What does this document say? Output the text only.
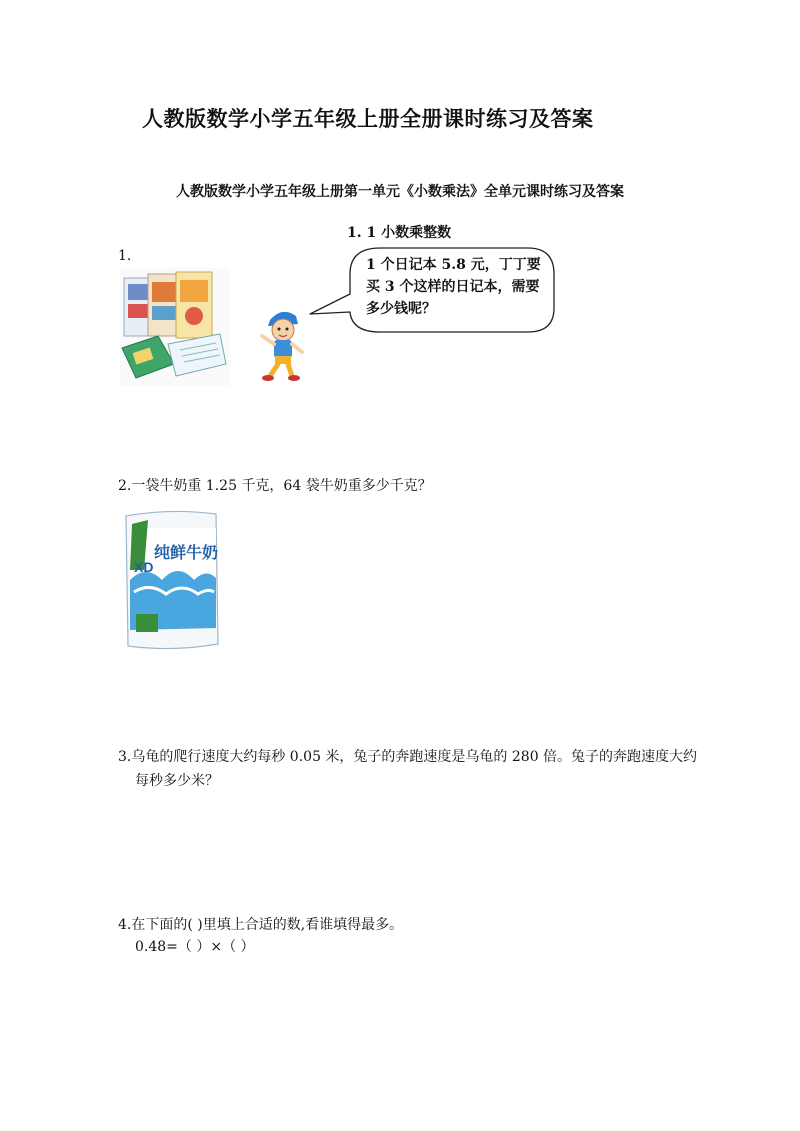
人教版数学小学五年级上册全册课时练习及答案
人教版数学小学五年级上册第一单元《小数乘法》全单元课时练习及答案
1. 1 小数乘整数
1.
1 个日记本 5.8 元，丁丁要买 3 个这样的日记本，需要多少钱呢？
2.一袋牛奶重 1.25 千克，64 袋牛奶重多少千克？
XD
纯鲜牛奶
3.乌龟的爬行速度大约每秒 0.05 米，兔子的奔跑速度是乌龟的 280 倍。兔子的奔跑速度大约
每秒多少米？
4.在下面的( )里填上合适的数,看谁填得最多。
0.48=（ ）×（ ）
